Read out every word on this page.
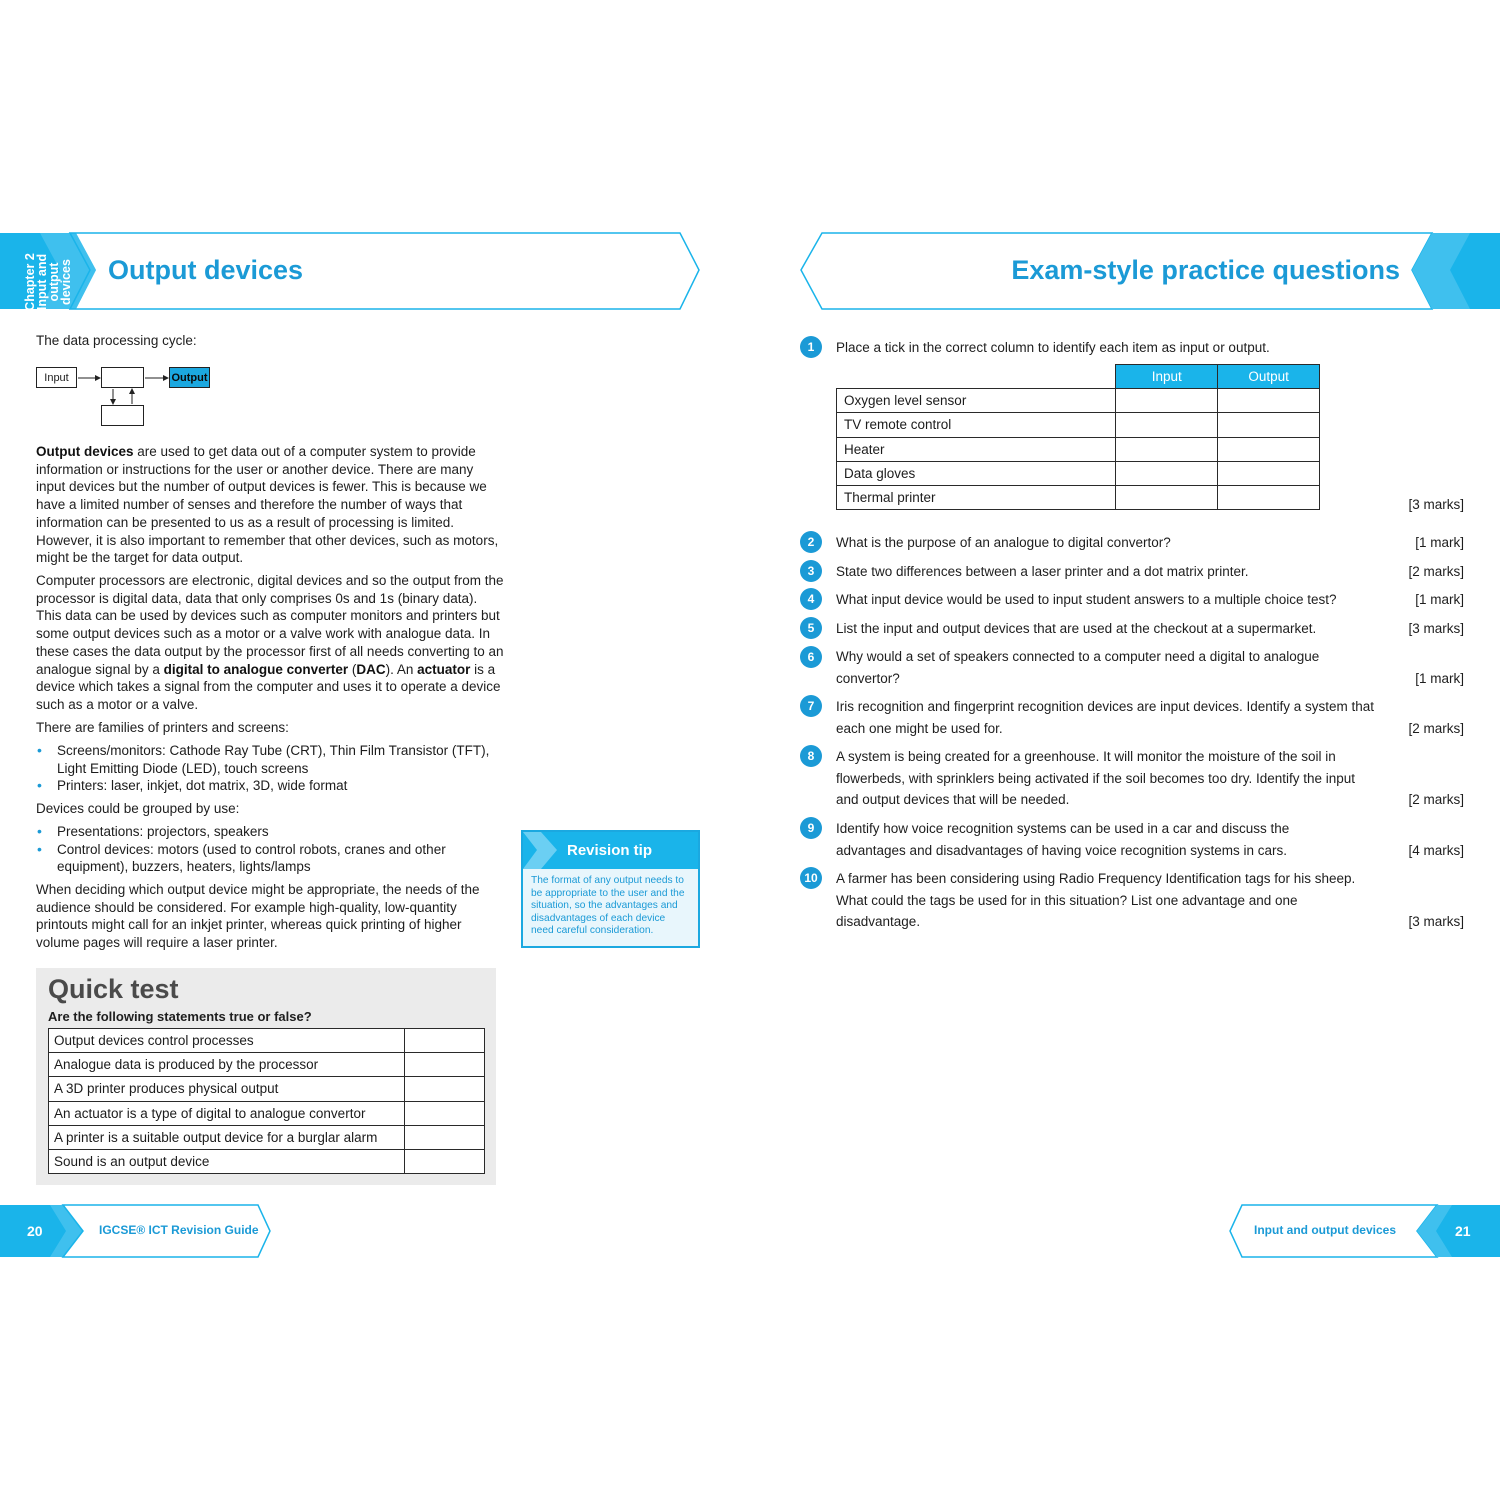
Chapter 2 Input and output devices Output devices	Exam-style practice questions
The data processing cycle:
Input	Output
Output devices are used to get data out of a computer system to provide information or instructions for the user or another device. There are many input devices but the number of output devices is fewer. This is because we have a limited number of senses and therefore the number of ways that information can be presented to us as a result of processing is limited. However, it is also important to remember that other devices, such as motors, might be the target for data output.
Computer processors are electronic, digital devices and so the output from the processor is digital data, data that only comprises 0s and 1s (binary data). This data can be used by devices such as computer monitors and printers but some output devices such as a motor or a valve work with analogue data. In these cases the data output by the processor first of all needs converting to an analogue signal by a digital to analogue converter (DAC). An actuator is a device which takes a signal from the computer and uses it to operate a device such as a motor or a valve.
There are families of printers and screens:
• Screens/monitors: Cathode Ray Tube (CRT), Thin Film Transistor (TFT), Light Emitting Diode (LED), touch screens
• Printers: laser, inkjet, dot matrix, 3D, wide format
Devices could be grouped by use:
• Presentations: projectors, speakers
• Control devices: motors (used to control robots, cranes and other equipment), buzzers, heaters, lights/lamps
When deciding which output device might be appropriate, the needs of the audience should be considered. For example high-quality, low-quantity printouts might call for an inkjet printer, whereas quick printing of higher volume pages will require a laser printer.
Revision tip
The format of any output needs to be appropriate to the user and the situation, so the advantages and disadvantages of each device need careful consideration.
Quick test
Are the following statements true or false?
Output devices control processes	
Analogue data is produced by the processor	
A 3D printer produces physical output	
An actuator is a type of digital to analogue convertor	
A printer is a suitable output device for a burglar alarm	
Sound is an output device	
1	Place a tick in the correct column to identify each item as input or output.
	Input	Output
Oxygen level sensor		
TV remote control		
Heater		
Data gloves		
Thermal printer			[3 marks]
2	What is the purpose of an analogue to digital convertor?	[1 mark]
3	State two differences between a laser printer and a dot matrix printer.	[2 marks]
4	What input device would be used to input student answers to a multiple choice test?	[1 mark]
5	List the input and output devices that are used at the checkout at a supermarket.	[3 marks]
6	Why would a set of speakers connected to a computer need a digital to analogue convertor?	[1 mark]
7	Iris recognition and fingerprint recognition devices are input devices. Identify a system that each one might be used for.	[2 marks]
8	A system is being created for a greenhouse. It will monitor the moisture of the soil in flowerbeds, with sprinklers being activated if the soil becomes too dry. Identify the input and output devices that will be needed.	[2 marks]
9	Identify how voice recognition systems can be used in a car and discuss the advantages and disadvantages of having voice recognition systems in cars.	[4 marks]
10	A farmer has been considering using Radio Frequency Identification tags for his sheep. What could the tags be used for in this situation? List one advantage and one disadvantage.	[3 marks]
20	IGCSE® ICT Revision Guide	Input and output devices	21
